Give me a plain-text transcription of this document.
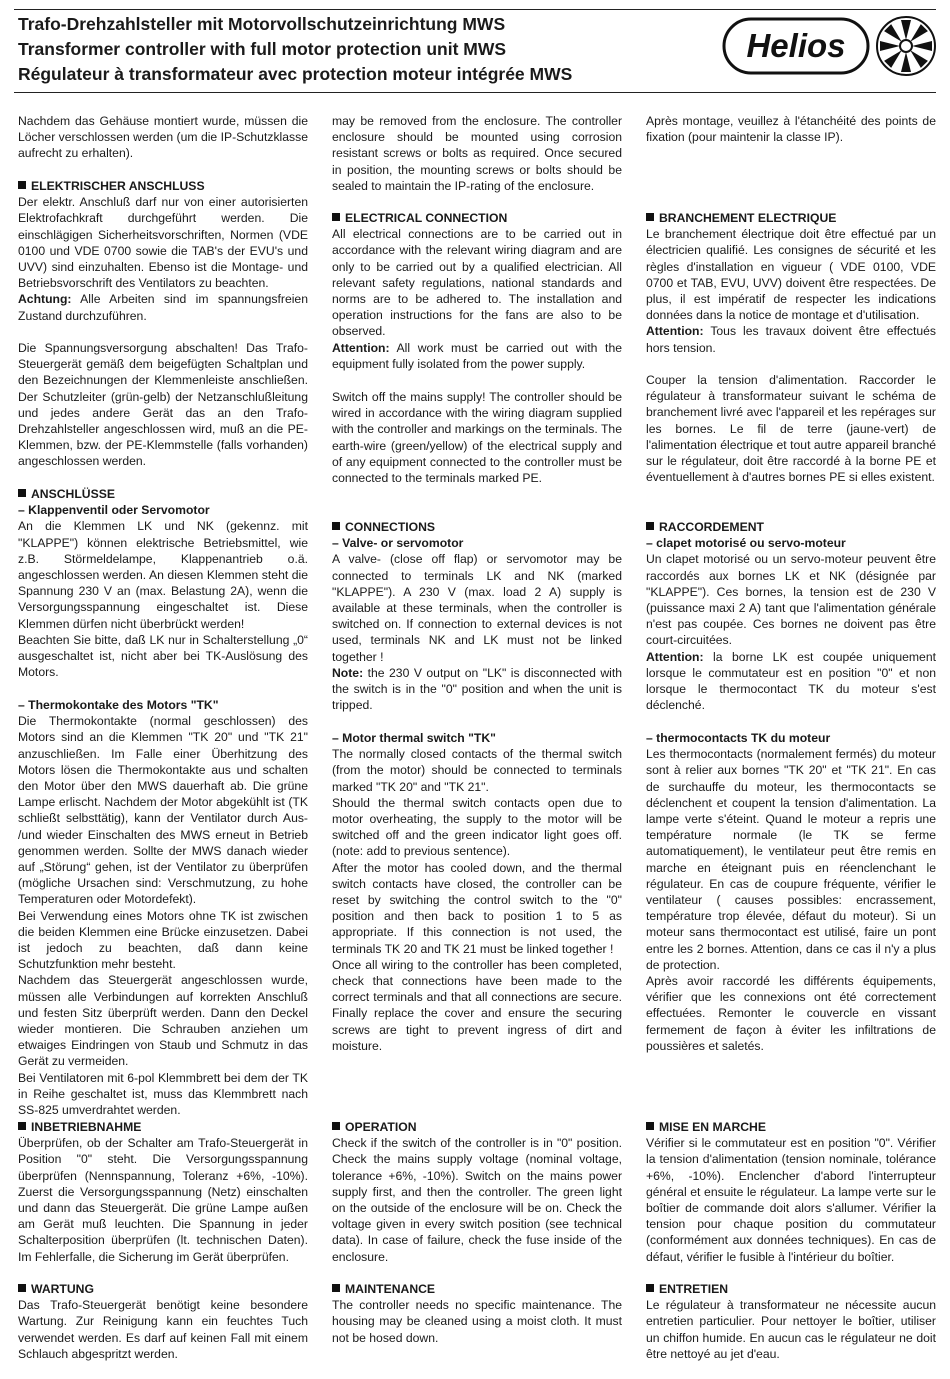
Trafo-Drehzahlsteller mit Motorvollschutzeinrichtung MWS
Transformer controller with full motor protection unit MWS
Régulateur à transformateur avec protection moteur intégrée MWS
Helios

Nachdem das Gehäuse montiert wurde, müssen die Löcher verschlossen werden (um die IP-Schutzklasse aufrecht zu erhalten).

ELEKTRISCHER ANSCHLUSS

Der elektr. Anschluß darf nur von einer autorisierten Elektrofachkraft durchgeführt werden. Die einschlägigen Sicherheitsvorschriften, Normen (VDE 0100 und VDE 0700 sowie die TAB's der EVU's und UVV) sind einzuhalten. Ebenso ist die Montage- und Betriebsvorschrift des Ventilators zu beachten.

Achtung: Alle Arbeiten sind im spannungsfreien Zustand durchzuführen.

Die Spannungsversorgung abschalten! Das Trafo-Steuergerät gemäß dem beigefügten Schaltplan und den Bezeichnungen der Klemmenleiste anschließen. Der Schutzleiter (grün-gelb) der Netzanschlußleitung und jedes andere Gerät das an den Trafo-Drehzahlsteller angeschlossen wird, muß an die PE-Klemmen, bzw. der PE-Klemmstelle (falls vorhanden) angeschlossen werden.

ANSCHLÜSSE

– Klappenventil oder Servomotor

An die Klemmen LK und NK (gekennz. mit "KLAPPE") können elektrische Betriebsmittel, wie z.B. Störmeldelampe, Klappenantrieb o.ä. angeschlossen werden. An diesen Klemmen steht die Spannung 230 V an (max. Belastung 2A), wenn die Versorgungsspannung eingeschaltet ist. Diese Klemmen dürfen nicht überbrückt werden!

Beachten Sie bitte, daß LK nur in Schalterstellung „0“ ausgeschaltet ist, nicht aber bei TK-Auslösung des Motors.

– Thermokontake des Motors "TK"

Die Thermokontakte (normal geschlossen) des Motors sind an die Klemmen "TK 20" und "TK 21" anzuschließen. Im Falle einer Überhitzung des Motors lösen die Thermokontakte aus und schalten den Motor über den MWS dauerhaft ab. Die grüne Lampe erlischt. Nachdem der Motor abgekühlt ist (TK schließt selbsttätig), kann der Ventilator durch Aus- /und wieder Einschalten des MWS erneut in Betrieb genommen werden. Sollte der MWS danach wieder auf „Störung“ gehen, ist der Ventilator zu überprüfen (mögliche Ursachen sind: Verschmutzung, zu hohe Temperaturen oder Motordefekt).

Bei Verwendung eines Motors ohne TK ist zwischen die beiden Klemmen eine Brücke einzusetzen. Dabei ist jedoch zu beachten, daß dann keine Schutzfunktion mehr besteht.

Nachdem das Steuergerät angeschlossen wurde, müssen alle Verbindungen auf korrekten Anschluß und festen Sitz überprüft werden. Dann den Deckel wieder montieren. Die Schrauben anziehen um etwaiges Eindringen von Staub und Schmutz in das Gerät zu vermeiden.

Bei Ventilatoren mit 6-pol Klemmbrett bei dem der TK in Reihe geschaltet ist, muss das Klemmbrett nach SS-825 umverdrahtet werden.

INBETRIEBNAHME

Überprüfen, ob der Schalter am Trafo-Steuergerät in Position "0" steht. Die Versorgungsspannung überprüfen (Nennspannung, Toleranz +6%, -10%). Zuerst die Versorgungsspannung (Netz) einschalten und dann das Steuergerät. Die grüne Lampe außen am Gerät muß leuchten. Die Spannung in jeder Schalterposition überprüfen (lt. technischen Daten). Im Fehlerfalle, die Sicherung im Gerät überprüfen.

WARTUNG

Das Trafo-Steuergerät benötigt keine besondere Wartung. Zur Reinigung kann ein feuchtes Tuch verwendet werden. Es darf auf keinen Fall mit einem Schlauch abgespritzt werden.

may be removed from the enclosure. The controller enclosure should be mounted using corrosion resistant screws or bolts as required. Once secured in position, the mounting screws or bolts should be sealed to maintain the IP-rating of the enclosure.

ELECTRICAL CONNECTION

All electrical connections are to be carried out in accordance with the relevant wiring diagram and are only to be carried out by a qualified electrician. All relevant safety regulations, national standards and norms are to be adhered to. The installation and operation instructions for the fans are also to be observed.

Attention: All work must be carried out with the equipment fully isolated from the power supply.

Switch off the mains supply! The controller should be wired in accordance with the wiring diagram supplied with the controller and markings on the terminals. The earth-wire (green/yellow) of the electrical supply and of any equipment connected to the controller must be connected to the terminals marked PE.

CONNECTIONS

– Valve- or servomotor

A valve- (close off flap) or servomotor may be connected to terminals LK and NK (marked "KLAPPE"). A 230 V (max. load 2 A) supply is available at these terminals, when the controller is switched on. If connection to external devices is not used, terminals NK and LK must not be linked together !

Note: the 230 V output on "LK" is disconnected with the switch is in the "0" position and when the unit is tripped.

– Motor thermal switch "TK"

The normally closed contacts of the thermal switch (from the motor) should be connected to terminals marked "TK 20" and "TK 21".

Should the thermal switch contacts open due to motor overheating, the supply to the motor will be switched off and the green indicator light goes off. (note: add to previous sentence).

After the motor has cooled down, and the thermal switch contacts have closed, the controller can be reset by switching the control switch to the "0" position and then back to position 1 to 5 as appropriate. If this connection is not used, the terminals TK 20 and TK 21 must be linked together !

Once all wiring to the controller has been completed, check that connections have been made to the correct terminals and that all connections are secure. Finally replace the cover and ensure the securing screws are tight to prevent ingress of dirt and moisture.

OPERATION

Check if the switch of the controller is in "0" position. Check the mains supply voltage (nominal voltage, tolerance +6%, -10%). Switch on the mains power supply first, and then the controller. The green light on the outside of the enclosure will be on. Check the voltage given in every switch position (see technical data). In case of failure, check the fuse inside of the enclosure.

MAINTENANCE

The controller needs no specific maintenance. The housing may be cleaned using a moist cloth. It must not be hosed down.

Après montage, veuillez à l'étanchéité des points de fixation (pour maintenir la classe IP).

BRANCHEMENT ELECTRIQUE

Le branchement électrique doit être effectué par un électricien qualifié. Les consignes de sécurité et les règles d'installation en vigueur ( VDE 0100, VDE 0700 et TAB, EVU, UVV) doivent être respectées. De plus, il est impératif de respecter les indications données dans la notice de montage et d'utilisation.

Attention: Tous les travaux doivent être effectués hors tension.

Couper la tension d'alimentation. Raccorder le régulateur à transformateur suivant le schéma de branchement livré avec l'appareil et les repérages sur les bornes. Le fil de terre (jaune-vert) de l'alimentation électrique et tout autre appareil branché sur le régulateur, doit être raccordé à la borne PE et éventuellement à d'autres bornes PE si elles existent.

RACCORDEMENT

– clapet motorisé ou servo-moteur

Un clapet motorisé ou un servo-moteur peuvent être raccordés aux bornes LK et NK (désignée par "KLAPPE"). Ces bornes, la tension est de 230 V (puissance maxi 2 A) tant que l'alimentation générale n'est pas coupée. Ces bornes ne doivent pas être court-circuitées.

Attention: la borne LK est coupée uniquement lorsque le commutateur est en position "0" et non lorsque le thermocontact TK du moteur s'est déclenché.

– thermocontacts TK du moteur

Les thermocontacts (normalement fermés) du moteur sont à relier aux bornes "TK 20" et "TK 21". En cas de surchauffe du moteur, les thermocontacts se déclenchent et coupent la tension d'alimentation. La lampe verte s'éteint. Quand le moteur a repris une température normale (le TK se ferme automatiquement), le ventilateur peut être remis en marche en éteignant puis en réenclenchant le régulateur. En cas de coupure fréquente, vérifier le ventilateur ( causes possibles: encrassement, température trop élevée, défaut du moteur). Si un moteur sans thermocontact est utilisé, faire un pont entre les 2 bornes. Attention, dans ce cas il n'y a plus de protection.

Après avoir raccordé les différents équipements, vérifier que les connexions ont été correctement effectuées. Remonter le couvercle en vissant fermement de façon à éviter les infiltrations de poussières et saletés.

MISE EN MARCHE

Vérifier si le commutateur est en position "0". Vérifier la tension d'alimentation (tension nominale, tolérance +6%, -10%). Enclencher d'abord l'interrupteur général et ensuite le régulateur. La lampe verte sur le boîtier de commande doit alors s'allumer. Vérifier la tension pour chaque position du commutateur (conformément aux données techniques). En cas de défaut, vérifier le fusible à l'intérieur du boîtier.

ENTRETIEN

Le régulateur à transformateur ne nécessite aucun entretien particulier. Pour nettoyer le boîtier, utiliser un chiffon humide. En aucun cas le régulateur ne doit être nettoyé au jet d'eau.
